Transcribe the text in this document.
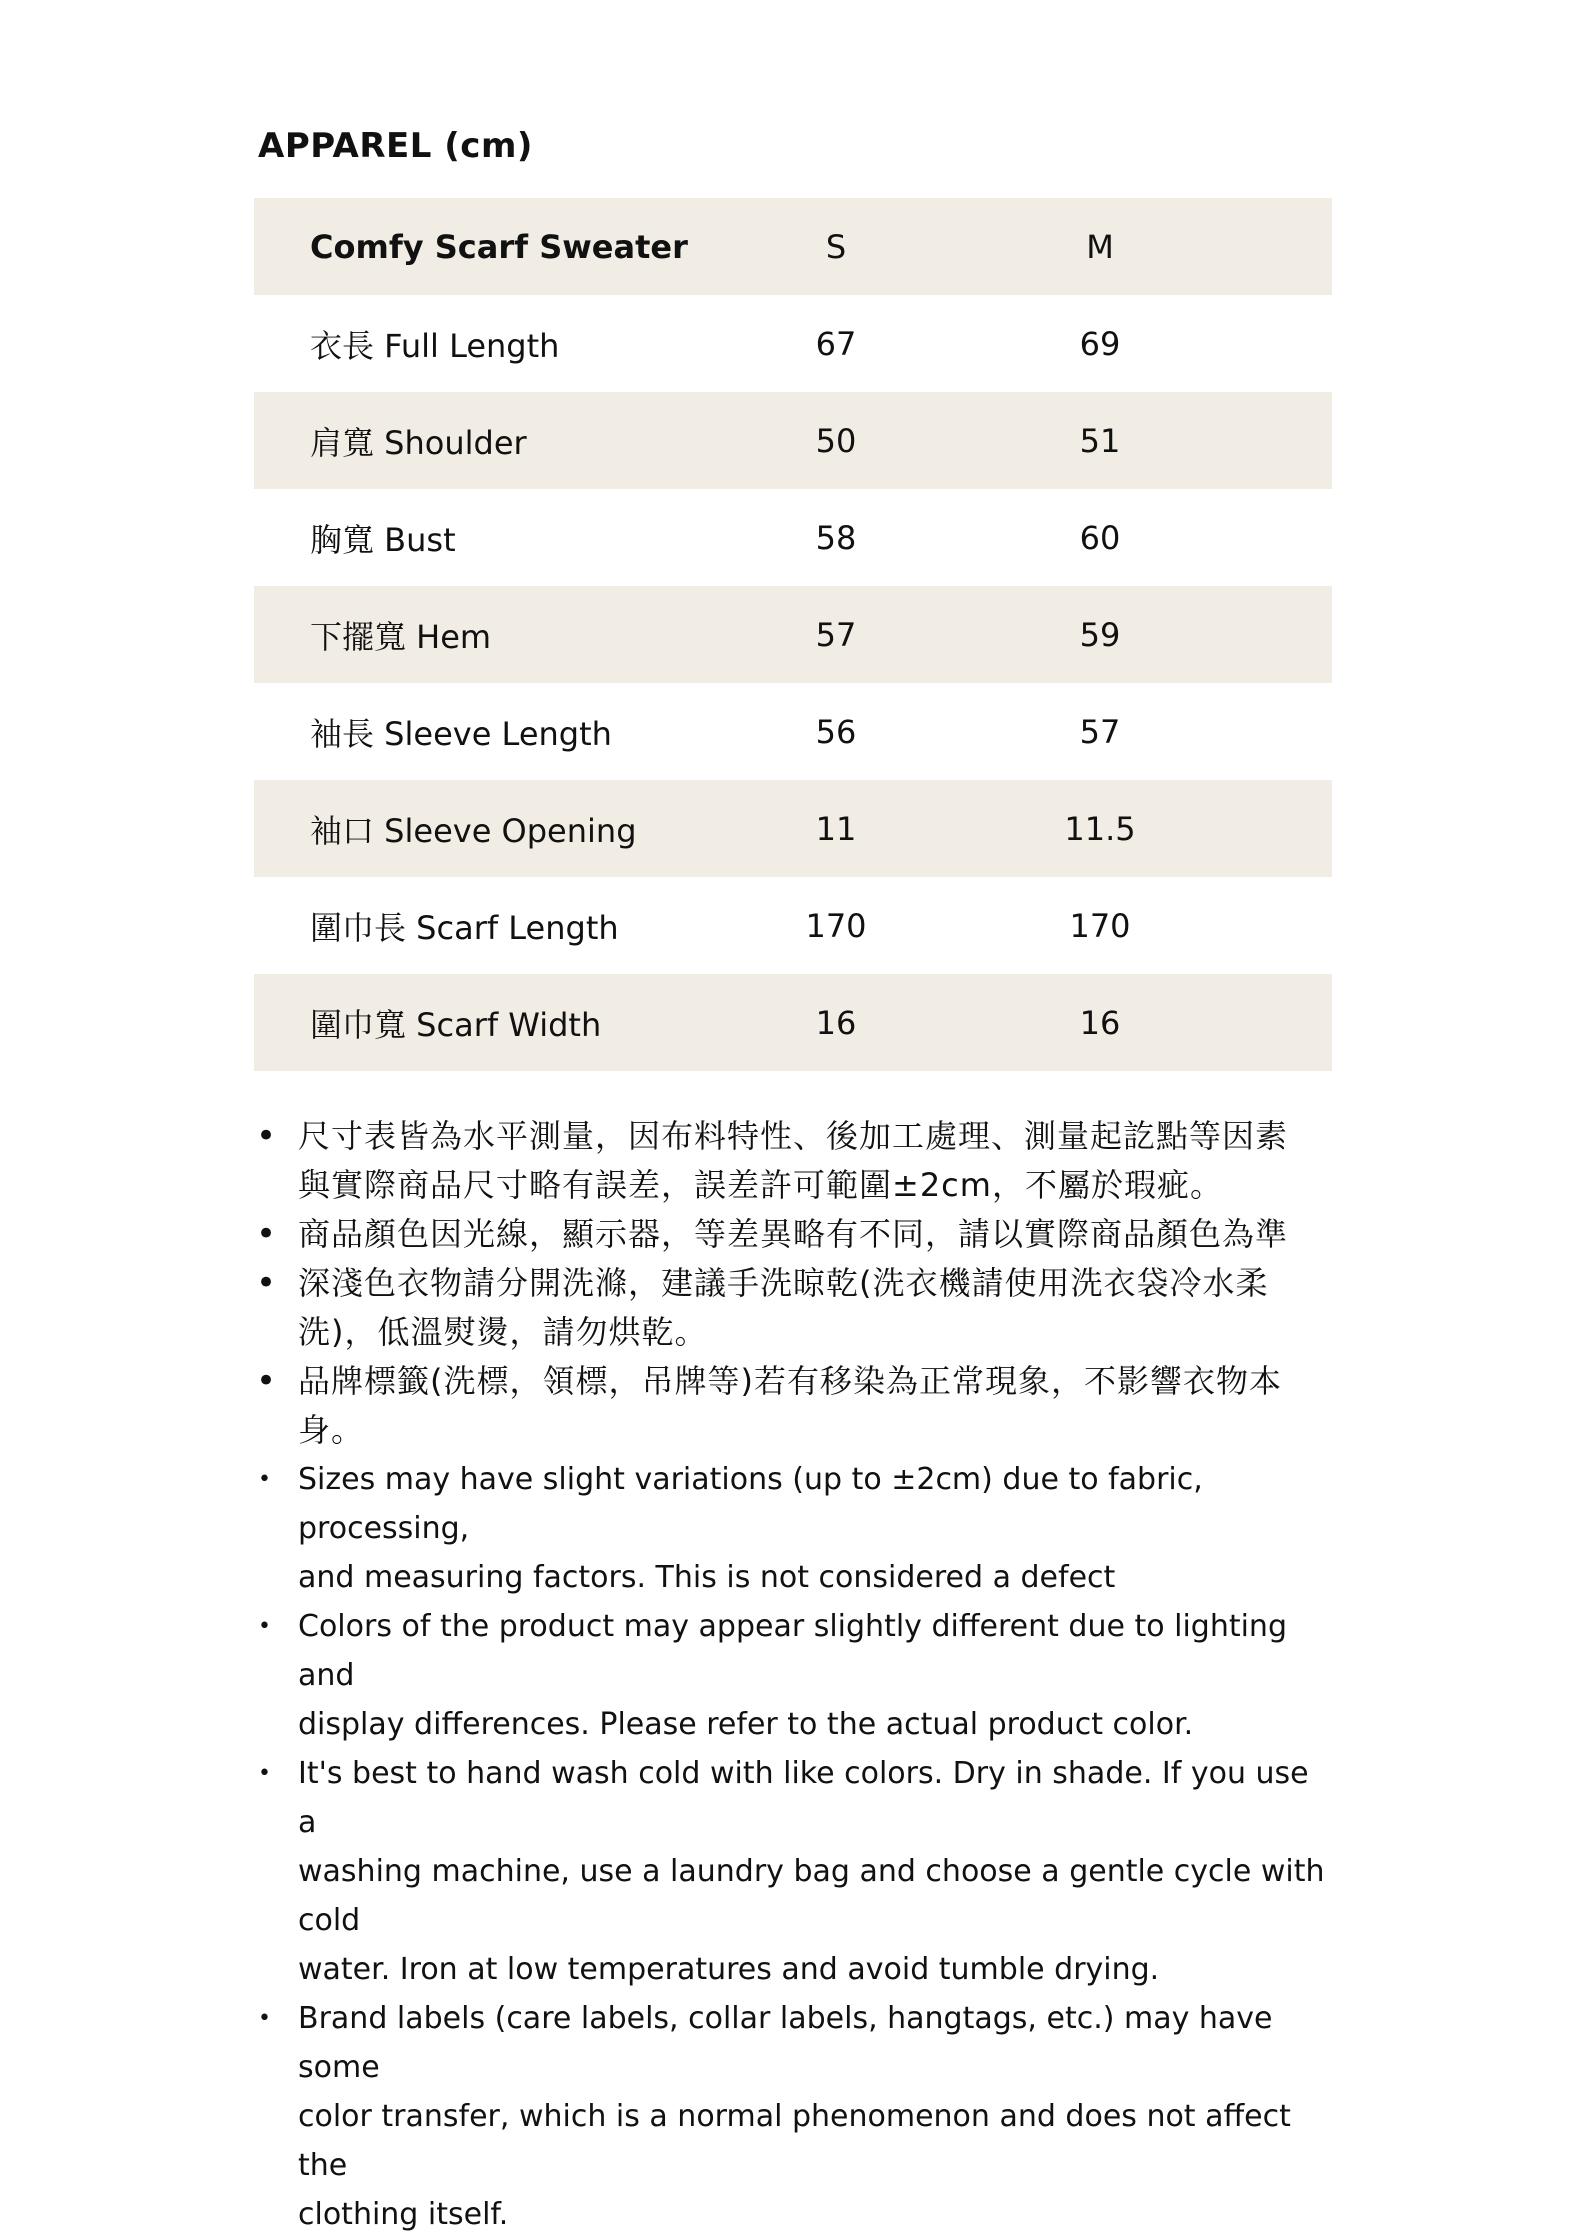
APPAREL (cm)
Comfy Scarf Sweater	S	M
衣長 Full Length	67	69
肩寬 Shoulder	50	51
胸寬 Bust	58	60
下擺寬 Hem	57	59
袖長 Sleeve Length	56	57
袖口 Sleeve Opening	11	11.5
圍巾長 Scarf Length	170	170
圍巾寬 Scarf Width	16	16
• 尺寸表皆為水平測量，因布料特性、後加工處理、測量起訖點等因素
與實際商品尺寸略有誤差，誤差許可範圍±2cm，不屬於瑕疵。
• 商品顏色因光線，顯示器，等差異略有不同，請以實際商品顏色為準
• 深淺色衣物請分開洗滌，建議手洗晾乾(洗衣機請使用洗衣袋冷水柔
洗)，低溫熨燙，請勿烘乾。
• 品牌標籤(洗標，領標，吊牌等)若有移染為正常現象，不影響衣物本
身。
• Sizes may have slight variations (up to ±2cm) due to fabric, processing,
and measuring factors. This is not considered a defect
• Colors of the product may appear slightly different due to lighting and
display differences. Please refer to the actual product color.
• It's best to hand wash cold with like colors. Dry in shade. If you use a
washing machine, use a laundry bag and choose a gentle cycle with cold
water. Iron at low temperatures and avoid tumble drying.
• Brand labels (care labels, collar labels, hangtags, etc.) may have some
color transfer, which is a normal phenomenon and does not affect the
clothing itself.
